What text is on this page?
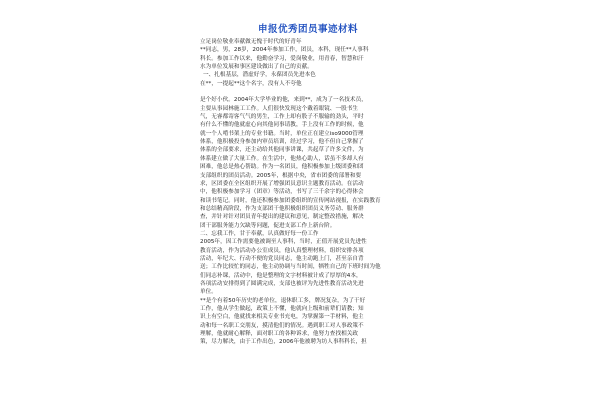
申报优秀团员事迹材料
立足岗位敬业奉献做无愧于时代的好青年
**同志，男，28岁，2004年参加工作，团员，本科，现任**人事科
科长。参加工作以来，他勤奋学习，爱岗敬业，用青春，智慧和汗
水为单位发展和事区建设做出了自己的贡献。
一、扎根基层，潜虚好学，永葆团员先进本色
在**，一提起**这个名字，没有人不夸他
是个好小伙。2004年大学毕业的他，来到**，成为了一名技术员，
主要从事园林施工工作。人们很快发现这个戴着眼镜、一股书生
气，无睿都寄客气气的男生，工作上却有股子不服输的劲头，平时
有什么不懂的他就虚心向其他同事请教，手上没有工作的时候，他
就一个人啃书架上的专业书籍。当时，单位正在建立iso9000管理
体系，他积极投身参加内审员培训，经过学习，他不但自己掌握了
体系的全部要求，还主动给其他同事讲课，共起草了许多文件，为
体系建立做了大量工作。在生活中，他热心助人，话虽不多却人有
困难，他总是热心帮助。作为一名团员，他积极参加上级团委和团
支部组织的团员活动。2005年，根据中央，省市团委的部署和要
求，区团委在全区组织开展了增强团员意识主题教育活动。在活动
中，他积极参加学习（团章）等活动，书写了三千余字的心得体会
和读书笔记。同时，他还积极参加团委组织的宣传网站视报，在实践教育
和总结精高阶段，作为支部团干他积极组织团员义务劳动、服务群
查，并针对针对团员青年提出的建议和意见，制定整改措施，解决
团干部服务能力欠缺等问题，促进支部工作上新台阶。
二、忘我工作，甘于奉献，认真做好每一份工作
2005年，因工作需要他被调至人事科，当时，正值开展党员先进性
教育活动，作为活动办公室成员，他认真整理材料，组织安排各项
活动，年纪大、行动不便的党员同志，他主动跑上门，甚至亲自背
送；工作比较忙的同志，他主动协调与当时间，牺牲自己的下班时间为他
们同志补课，活动中，他是整理的文字材料被计成了厚厚的4本，
各项活动安排得到了圆满完成，支部也被评为先进性教育活动先进
单位。
**是个有着50年历史的老单位，退休职工多，牌况复杂，为了干好
工作，他从学生做起，政策上不懂，他就向上级和前辈们请教；知
识上有空白，他就找来相关专业书充电，为掌握第一手材料，他主
动和每一名职工交朋友，摸清他们的情况。遇到职工对人事政策不
理解，他就耐心解释，面对职工的各种诉求，他努力查找相关政
策，尽力解决，由于工作出色，2006年他被聘为坊人事科科长，担
